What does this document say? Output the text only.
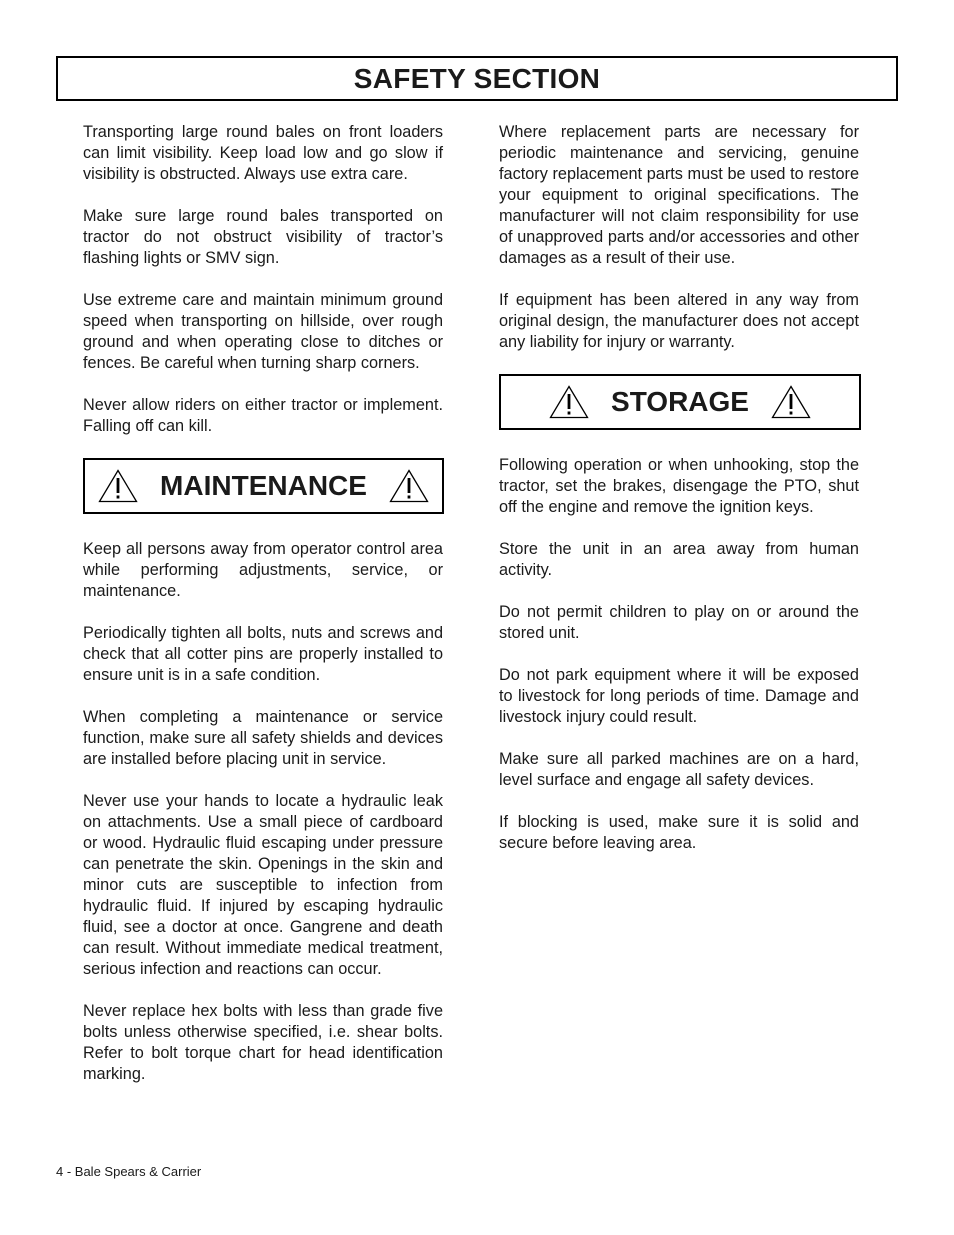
SAFETY SECTION

Transporting large round bales on front loaders can limit visibility. Keep load low and go slow if visibility is obstructed. Always use extra care.

Make sure large round bales transported on tractor do not obstruct visibility of tractor’s flashing lights or SMV sign.

Use extreme care and maintain minimum ground speed when transporting on hillside, over rough ground and when operating close to ditches or fences. Be careful when turning sharp corners.

Never allow riders on either tractor or implement. Falling off can kill.

MAINTENANCE

Keep all persons away from operator control area while performing adjustments, service, or maintenance.

Periodically tighten all bolts, nuts and screws and check that all cotter pins are properly installed to ensure unit is in a safe condition.

When completing a maintenance or service function, make sure all safety shields and devices are installed before placing unit in service.

Never use your hands to locate a hydraulic leak on attachments. Use a small piece of cardboard or wood. Hydraulic fluid escaping under pressure can penetrate the skin. Openings in the skin and minor cuts are susceptible to infection from hydraulic fluid. If injured by escaping hydraulic fluid, see a doctor at once. Gangrene and death can result. Without immediate medical treatment, serious infection and reactions can occur.

Never replace hex bolts with less than grade five bolts unless otherwise specified, i.e. shear bolts. Refer to bolt torque chart for head identification marking.

Where replacement parts are necessary for periodic maintenance and servicing, genuine factory replacement parts must be used to restore your equipment to original specifications. The manufacturer will not claim responsibility for use of unapproved parts and/or accessories and other damages as a result of their use.

If equipment has been altered in any way from original design, the manufacturer does not accept any liability for injury or warranty.

STORAGE

Following operation or when unhooking, stop the tractor, set the brakes, disengage the PTO, shut off the engine and remove the ignition keys.

Store the unit in an area away from human activity.

Do not permit children to play on or around the stored unit.

Do not park equipment where it will be exposed to livestock for long periods of time. Damage and livestock injury could result.

Make sure all parked machines are on a hard, level surface and engage all safety devices.

If blocking is used, make sure it is solid and secure before leaving area.

4 - Bale Spears & Carrier
